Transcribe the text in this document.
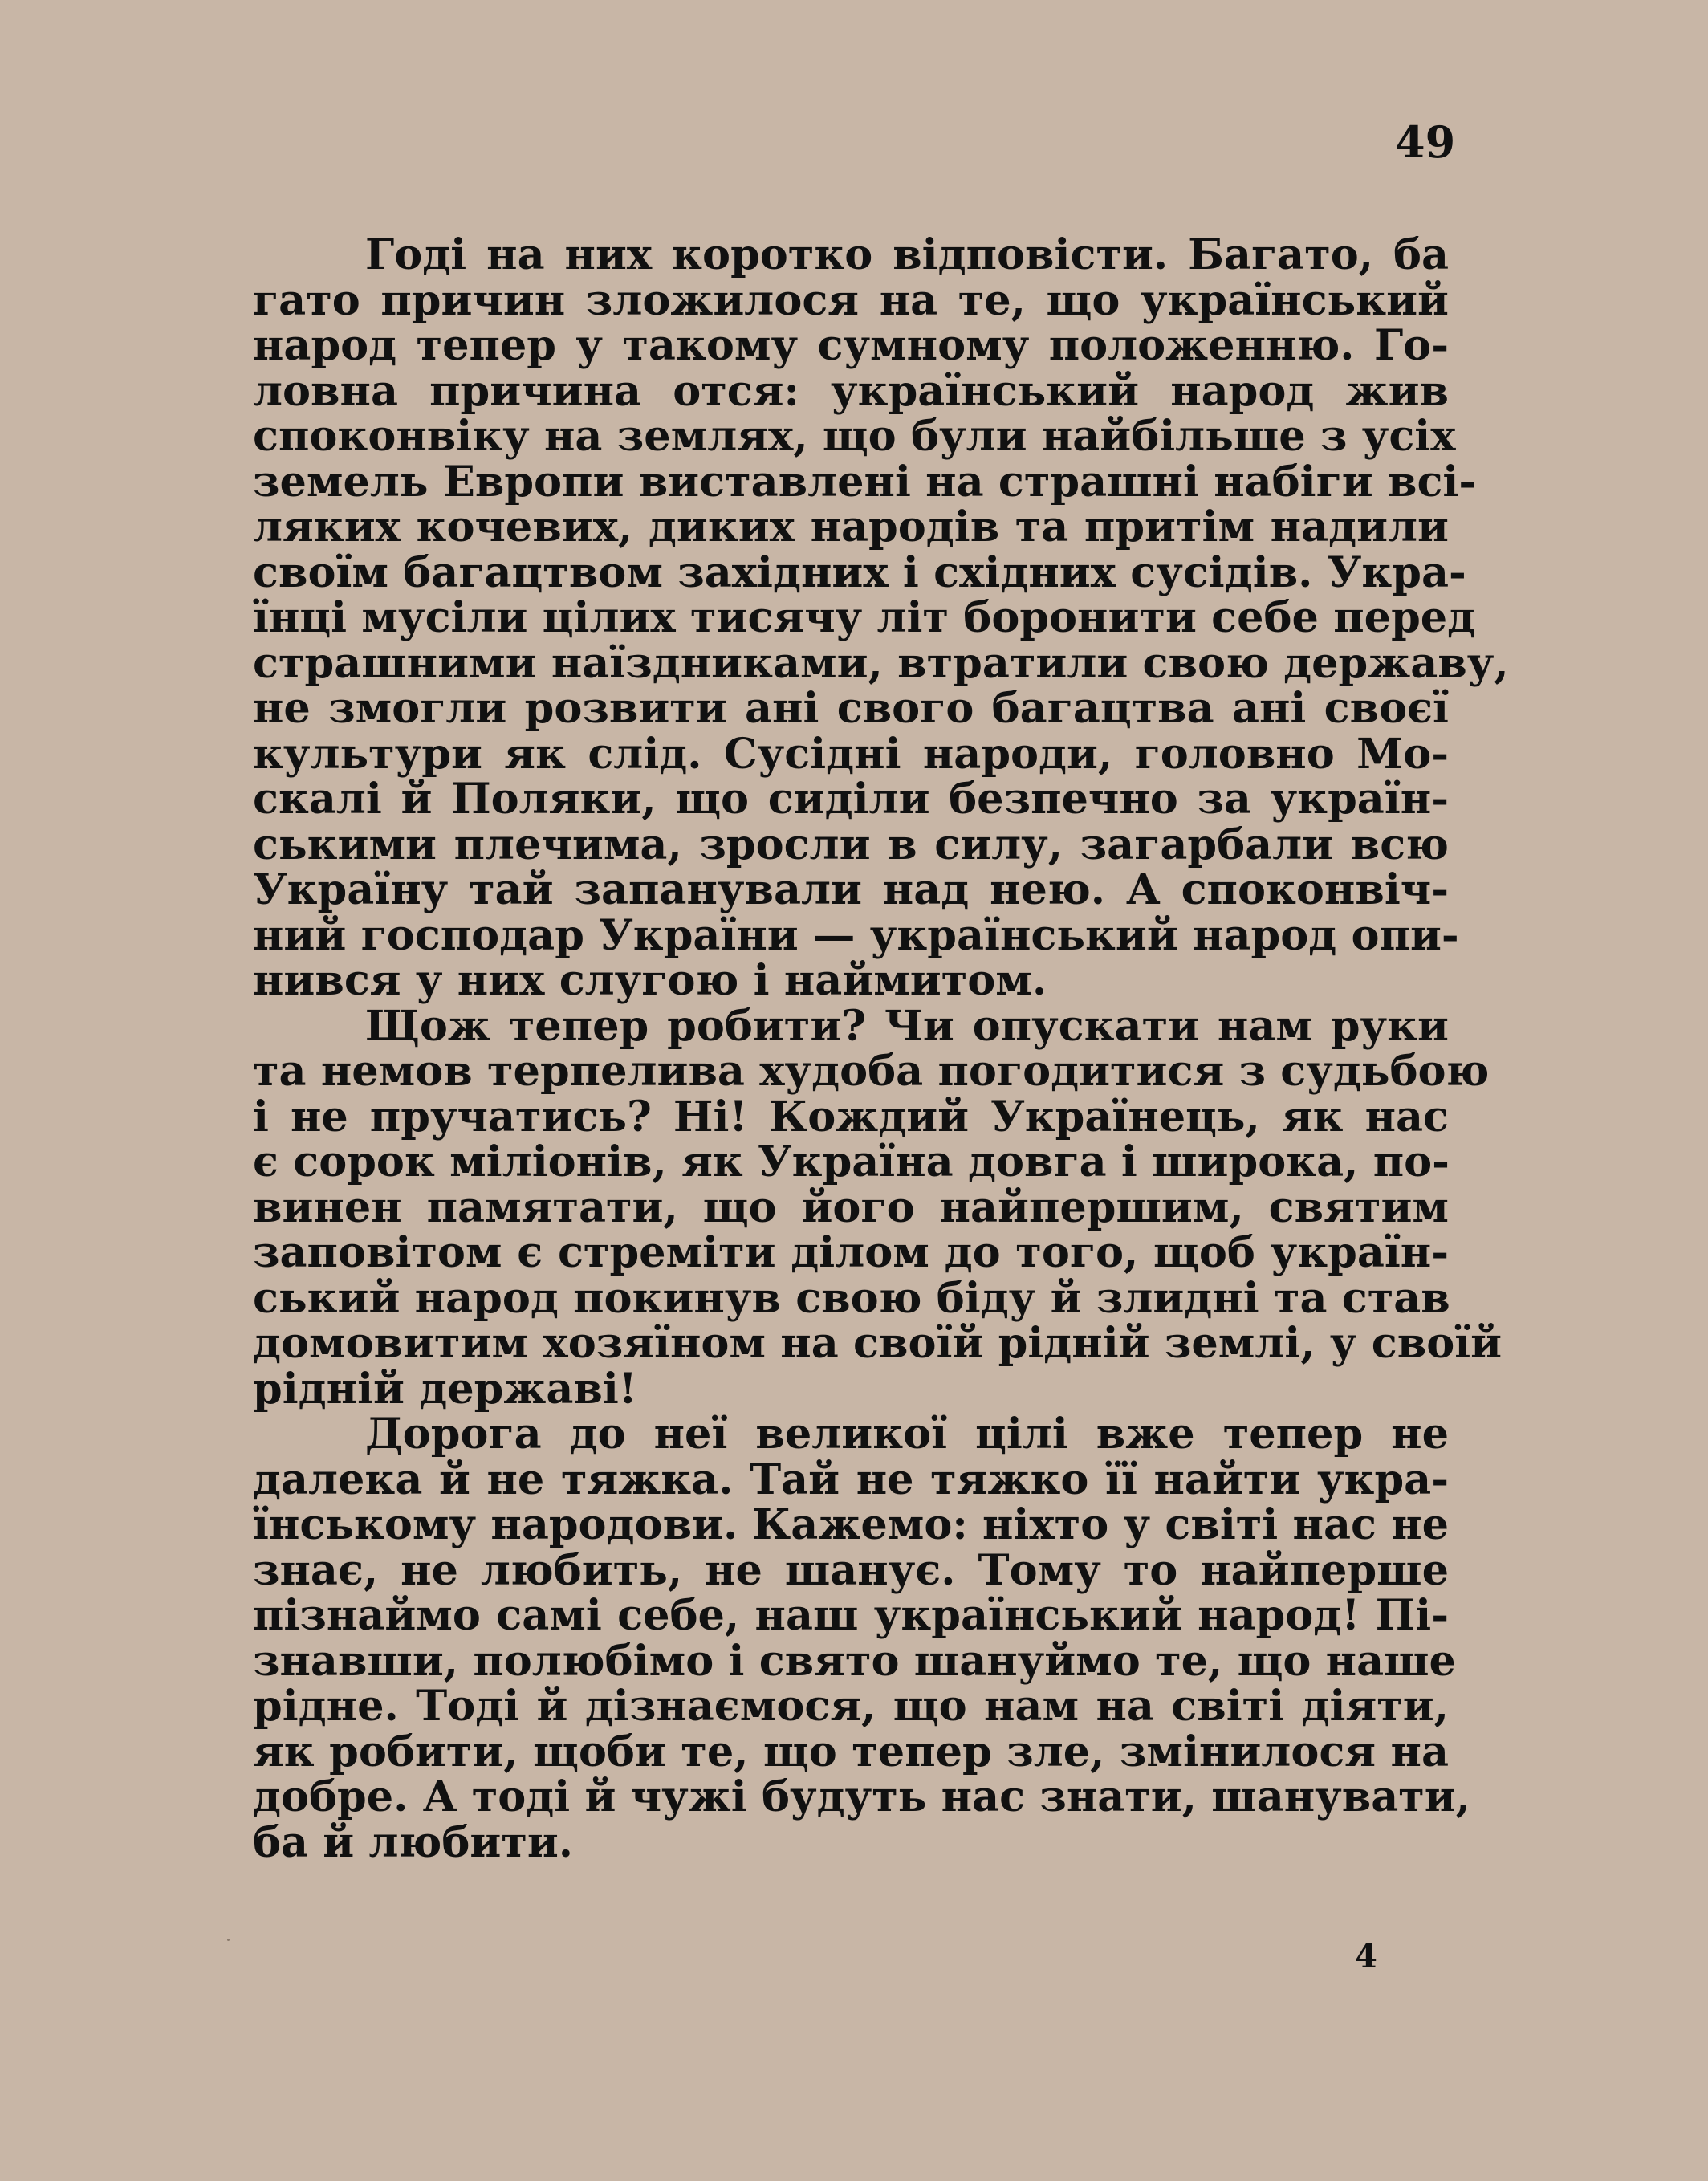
49
Годі на них коротко відповісти. Багато, ба
гато причин зложилося на те, що український
народ тепер у такому сумному положенню. Го-
ловна причина отся: український народ жив
споконвіку на землях, що були найбільше з усіх
земель Европи виставлені на страшні набіги всі-
ляких кочевих, диких народів та притім надили
своїм багацтвом західних і східних сусідів. Укра-
їнці мусіли цілих тисячу літ боронити себе перед
страшними наїздниками, втратили свою державу,
не змогли розвити ані свого багацтва ані своєї
культури як слід. Сусідні народи, головно Мо-
скалі й Поляки, що сиділи безпечно за україн-
ськими плечима, зросли в силу, загарбали всю
Україну тай запанували над нею. А споконвіч-
ний господар України — український народ опи-
нився у них слугою і наймитом.
Щож тепер робити? Чи опускати нам руки
та немов терпелива худоба погодитися з судьбою
і не пручатись? Ні! Кождий Українець, як нас
є сорок міліонів, як Україна довга і широка, по-
винен памятати, що його найпершим, святим
заповітом є стреміти ділом до того, щоб україн-
ський народ покинув свою біду й злидні та став
домовитим хозяїном на своїй рідній землі, у своїй
рідній державі!
Дорога до неї великої цілі вже тепер не
далека й не тяжка. Тай не тяжко її найти укра-
їнському народови. Кажемо: ніхто у світі нас не
знає, не любить, не шанує. Тому то найперше
пізнаймо самі себе, наш український народ! Пі-
знавши, полюбімо і свято шануймо те, що наше
рідне. Тоді й дізнаємося, що нам на світі діяти,
як робити, щоби те, що тепер зле, змінилося на
добре. А тоді й чужі будуть нас знати, шанувати,
ба й любити.
4
